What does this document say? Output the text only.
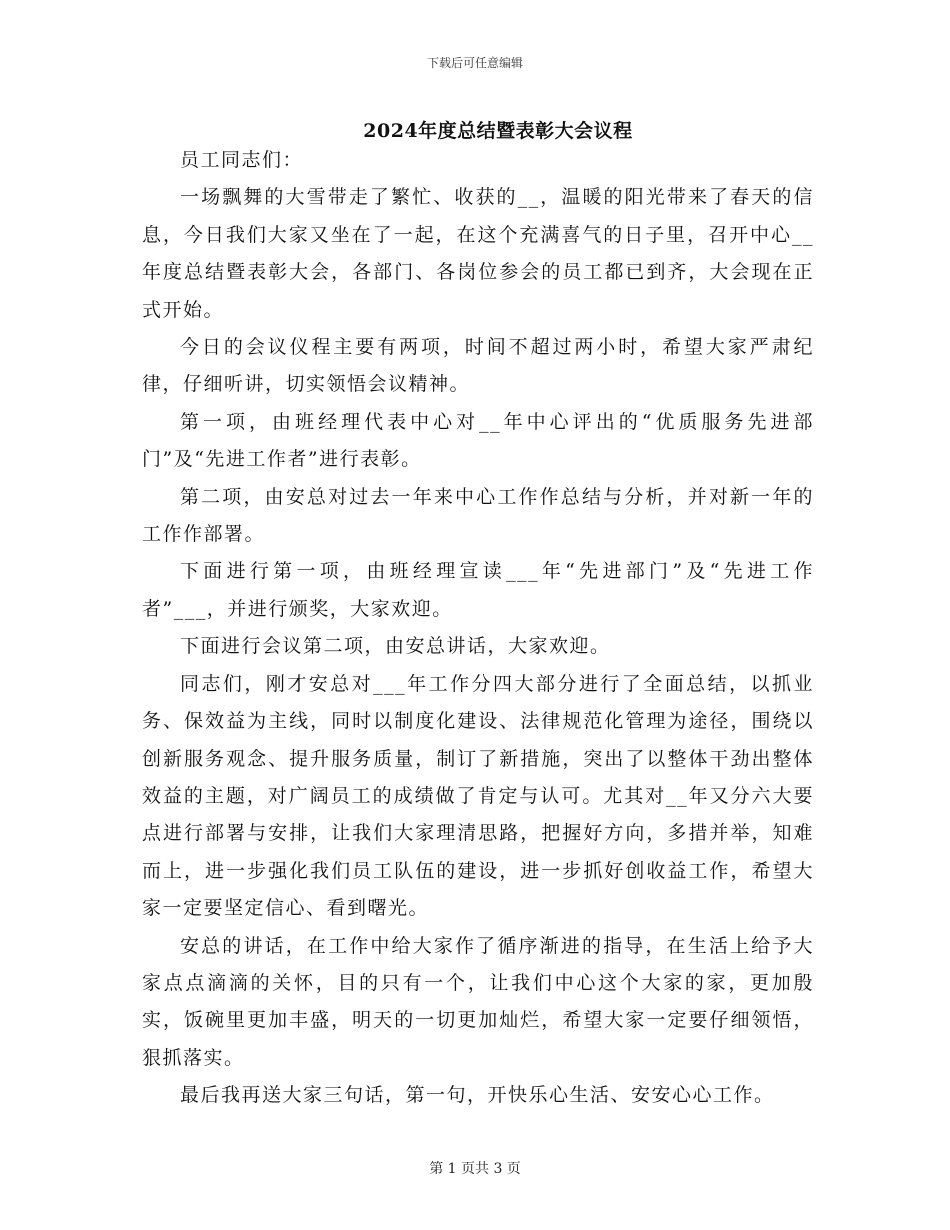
下载后可任意编辑
2024年度总结暨表彰大会议程

员工同志们：

一场飘舞的大雪带走了繁忙、收获的__，温暖的阳光带来了春天的信息，今日我们大家又坐在了一起，在这个充满喜气的日子里，召开中心__年度总结暨表彰大会，各部门、各岗位参会的员工都已到齐，大会现在正式开始。

今日的会议仪程主要有两项，时间不超过两小时，希望大家严肃纪律，仔细听讲，切实领悟会议精神。

第一项，由班经理代表中心对__年中心评出的“优质服务先进部门”及“先进工作者”进行表彰。

第二项，由安总对过去一年来中心工作作总结与分析，并对新一年的工作作部署。

下面进行第一项，由班经理宣读___年“先进部门”及“先进工作者”___，并进行颁奖，大家欢迎。

下面进行会议第二项，由安总讲话，大家欢迎。

同志们，刚才安总对___年工作分四大部分进行了全面总结，以抓业务、保效益为主线，同时以制度化建设、法律规范化管理为途径，围绕以创新服务观念、提升服务质量，制订了新措施，突出了以整体干劲出整体效益的主题，对广阔员工的成绩做了肯定与认可。尤其对__年又分六大要点进行部署与安排，让我们大家理清思路，把握好方向，多措并举，知难而上，进一步强化我们员工队伍的建设，进一步抓好创收益工作，希望大家一定要坚定信心、看到曙光。

安总的讲话，在工作中给大家作了循序渐进的指导，在生活上给予大家点点滴滴的关怀，目的只有一个，让我们中心这个大家的家，更加殷实，饭碗里更加丰盛，明天的一切更加灿烂，希望大家一定要仔细领悟，狠抓落实。

最后我再送大家三句话，第一句，开快乐心生活、安安心心工作。

第 1 页共 3 页
